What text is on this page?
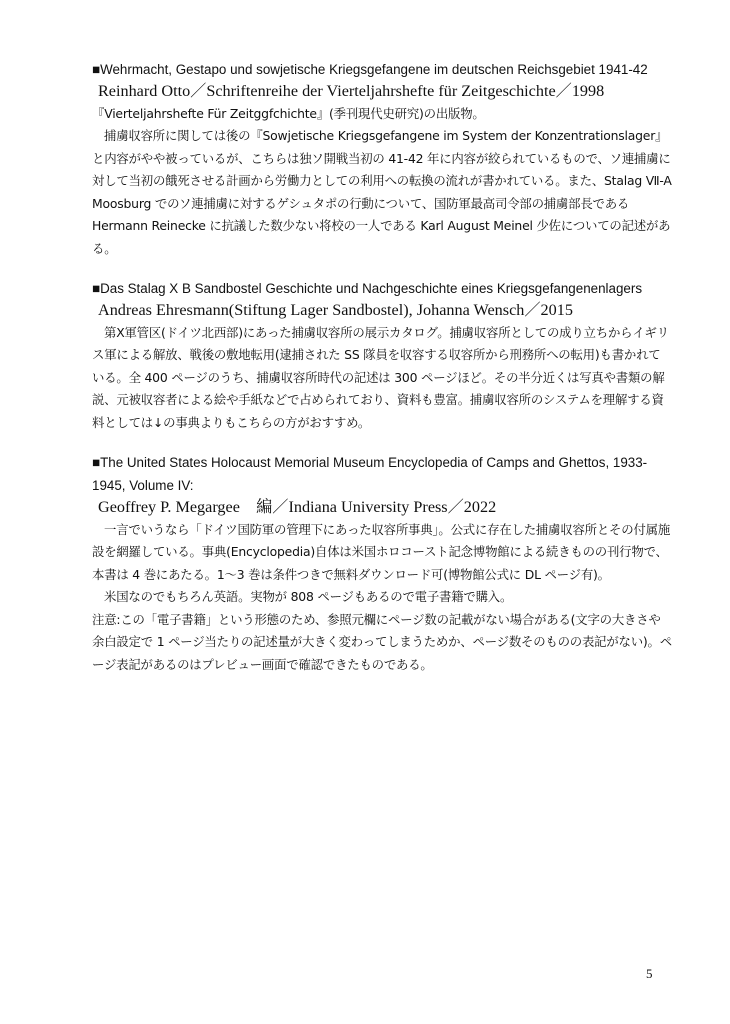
■Wehrmacht, Gestapo und sowjetische Kriegsgefangene im deutschen Reichsgebiet 1941-42

Reinhard Otto／Schriftenreihe der Vierteljahrshefte für Zeitgeschichte／1998

『Vierteljahrshefte Für Zeitggfchichte』(季刊現代史研究)の出版物。

捕虜収容所に関しては後の『Sowjetische Kriegsgefangene im System der Konzentrationslager』と内容がやや被っているが、こちらは独ソ開戦当初の 41-42 年に内容が絞られているもので、ソ連捕虜に対して当初の餓死させる計画から労働力としての利用への転換の流れが書かれている。また、Stalag Ⅶ-A Moosburg でのソ連捕虜に対するゲシュタポの行動について、国防軍最高司令部の捕虜部長である Hermann Reinecke に抗議した数少ない将校の一人である Karl August Meinel 少佐についての記述がある。

■Das Stalag X B Sandbostel Geschichte und Nachgeschichte eines Kriegsgefangenenlagers

Andreas Ehresmann(Stiftung Lager Sandbostel), Johanna Wensch／2015

第Ⅹ軍管区(ドイツ北西部)にあった捕虜収容所の展示カタログ。捕虜収容所としての成り立ちからイギリス軍による解放、戦後の敷地転用(逮捕された SS 隊員を収容する収容所から刑務所への転用)も書かれている。全 400 ページのうち、捕虜収容所時代の記述は 300 ページほど。その半分近くは写真や書類の解説、元被収容者による絵や手紙などで占められており、資料も豊富。捕虜収容所のシステムを理解する資料としては↓の事典よりもこちらの方がおすすめ。

■The United States Holocaust Memorial Museum Encyclopedia of Camps and Ghettos, 1933-1945, Volume IV:

Geoffrey P. Megargee　編／Indiana University Press／2022

一言でいうなら「ドイツ国防軍の管理下にあった収容所事典」。公式に存在した捕虜収容所とその付属施設を網羅している。事典(Encyclopedia)自体は米国ホロコースト記念博物館による続きものの刊行物で、本書は 4 巻にあたる。1～3 巻は条件つきで無料ダウンロード可(博物館公式に DL ページ有)。

米国なのでもちろん英語。実物が 808 ページもあるので電子書籍で購入。

注意:この「電子書籍」という形態のため、参照元欄にページ数の記載がない場合がある(文字の大きさや余白設定で 1 ページ当たりの記述量が大きく変わってしまうためか、ページ数そのものの表記がない)。ページ表記があるのはプレビュー画面で確認できたものである。

5
